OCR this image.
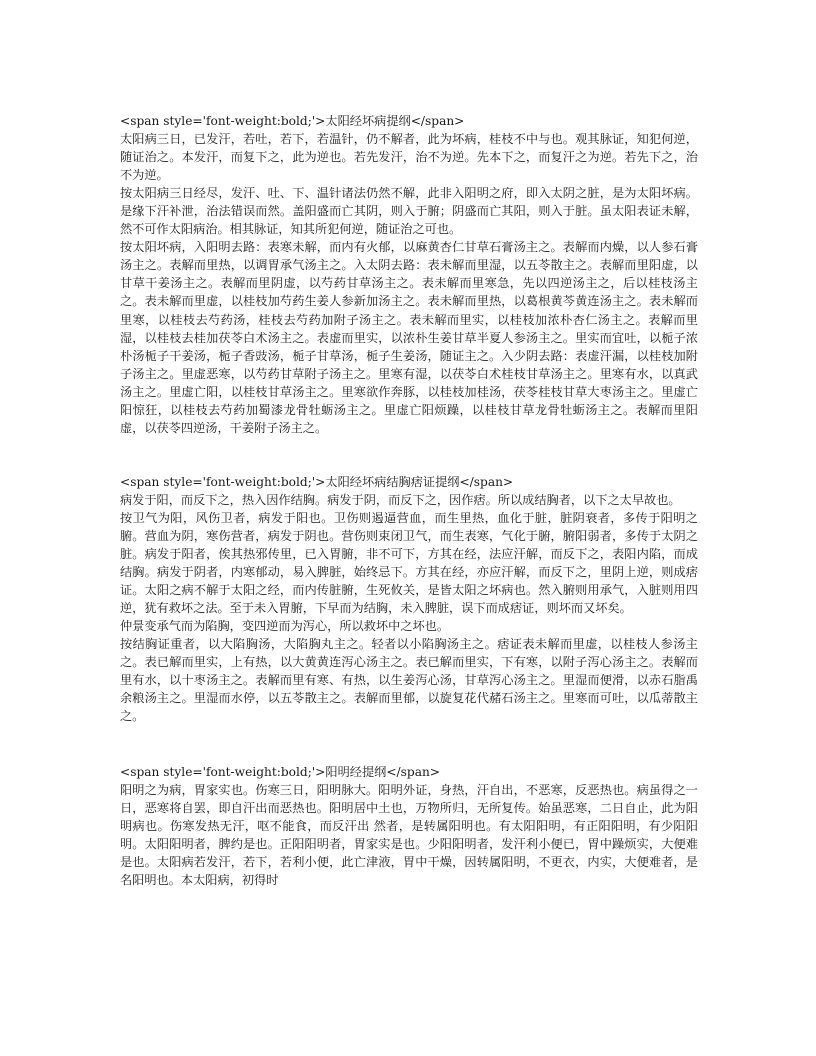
<span style='font-weight:bold;'>太阳经坏病提纲</span>

太阳病三日，已发汗，若吐，若下，若温针，仍不解者，此为坏病，桂枝不中与也。观其脉证，知犯何逆，随证治之。本发汗，而复下之，此为逆也。若先发汗，治不为逆。先本下之，而复汗之为逆。若先下之，治不为逆。

按太阳病三日经尽，发汗、吐、下、温针诸法仍然不解，此非入阳明之府，即入太阴之脏，是为太阳坏病。是缘下汗补泄，治法错误而然。盖阳盛而亡其阴，则入于腑；阴盛而亡其阳，则入于脏。虽太阳表证未解，然不可作太阳病治。相其脉证，知其所犯何逆，随证治之可也。

按太阳坏病，入阳明去路：表寒未解，而内有火郁，以麻黄杏仁甘草石膏汤主之。表解而内燥，以人参石膏汤主之。表解而里热，以调胃承气汤主之。入太阴去路：表未解而里湿，以五苓散主之。表解而里阳虚，以甘草干姜汤主之。表解而里阴虚，以芍药甘草汤主之。表未解而里寒急，先以四逆汤主之，后以桂枝汤主之。表未解而里虚，以桂枝加芍药生姜人参新加汤主之。表未解而里热，以葛根黄芩黄连汤主之。表未解而里寒，以桂枝去芍药汤，桂枝去芍药加附子汤主之。表未解而里实，以桂枝加浓朴杏仁汤主之。表解而里湿，以桂枝去桂加茯苓白术汤主之。表虚而里实，以浓朴生姜甘草半夏人参汤主之。里实而宜吐，以栀子浓朴汤栀子干姜汤，栀子香豉汤，栀子甘草汤，栀子生姜汤，随证主之。入少阴去路：表虚汗漏，以桂枝加附子汤主之。里虚恶寒，以芍药甘草附子汤主之。里寒有湿，以茯苓白术桂枝甘草汤主之。里寒有水，以真武汤主之。里虚亡阳，以桂枝甘草汤主之。里寒欲作奔豚，以桂枝加桂汤，茯苓桂枝甘草大枣汤主之。里虚亡阳惊狂，以桂枝去芍药加蜀漆龙骨牡蛎汤主之。里虚亡阳烦躁，以桂枝甘草龙骨牡蛎汤主之。表解而里阳虚，以茯苓四逆汤，干姜附子汤主之。

<span style='font-weight:bold;'>太阳经坏病结胸痞证提纲</span>

病发于阳，而反下之，热入因作结胸。病发于阴，而反下之，因作痞。所以成结胸者，以下之太早故也。

按卫气为阳，风伤卫者，病发于阳也。卫伤则遏逼营血，而生里热，血化于脏，脏阴衰者，多传于阳明之腑。营血为阴，寒伤营者，病发于阴也。营伤则束闭卫气，而生表寒，气化于腑，腑阳弱者，多传于太阴之脏。病发于阳者，俟其热邪传里，已入胃腑，非不可下，方其在经，法应汗解，而反下之，表阳内陷，而成结胸。病发于阴者，内寒郁动，易入脾脏，始终忌下。方其在经，亦应汗解，而反下之，里阴上逆，则成痞证。太阳之病不解于太阳之经，而内传脏腑，生死攸关，是皆太阳之坏病也。然入腑则用承气，入脏则用四逆，犹有救坏之法。至于未入胃腑，下早而为结胸，未入脾脏，误下而成痞证，则坏而又坏矣。

仲景变承气而为陷胸，变四逆而为泻心，所以救坏中之坏也。

按结胸证重者，以大陷胸汤，大陷胸丸主之。轻者以小陷胸汤主之。痞证表未解而里虚，以桂枝人参汤主之。表已解而里实，上有热，以大黄黄连泻心汤主之。表已解而里实，下有寒，以附子泻心汤主之。表解而里有水，以十枣汤主之。表解而里有寒、有热，以生姜泻心汤，甘草泻心汤主之。里湿而便滑，以赤石脂禹余粮汤主之。里湿而水停，以五苓散主之。表解而里郁，以旋复花代赭石汤主之。里寒而可吐，以瓜蒂散主之。

<span style='font-weight:bold;'>阳明经提纲</span>

阳明之为病，胃家实也。伤寒三日，阳明脉大。阳明外证，身热，汗自出，不恶寒，反恶热也。病虽得之一日，恶寒将自罢，即自汗出而恶热也。阳明居中土也，万物所归，无所复传。始虽恶寒，二日自止，此为阳明病也。伤寒发热无汗，呕不能食，而反汗出 然者，是转属阳明也。有太阳阳明，有正阳阳明，有少阳阳明。太阳阳明者，脾约是也。正阳阳明者，胃家实是也。少阳阳明者，发汗利小便已，胃中躁烦实，大便难是也。太阳病若发汗，若下，若利小便，此亡津液，胃中干燥，因转属阳明，不更衣，内实，大便难者，是名阳明也。本太阳病，初得时
